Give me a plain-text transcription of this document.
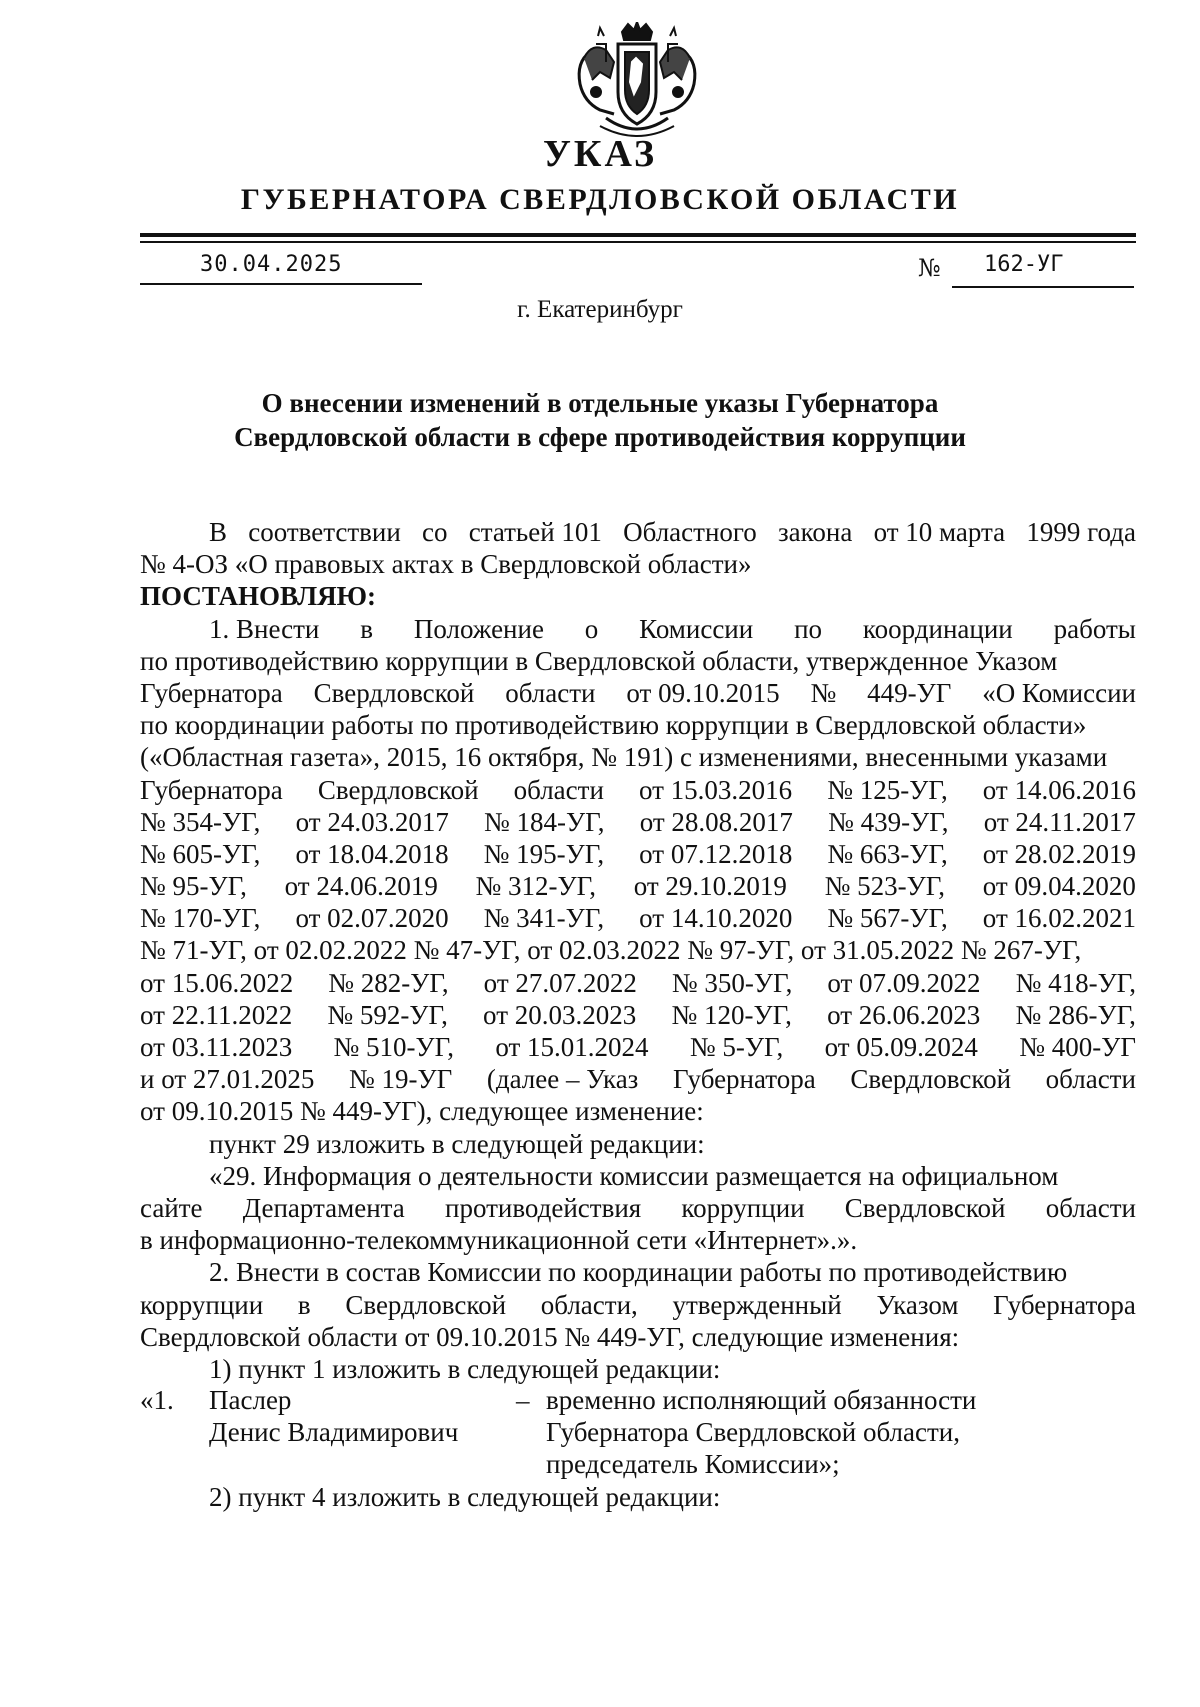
УКАЗ
ГУБЕРНАТОРА СВЕРДЛОВСКОЙ ОБЛАСТИ
30.04.2025	№ 162-УГ
г. Екатеринбург
О внесении изменений в отдельные указы Губернатора
Свердловской области в сфере противодействия коррупции
В соответствии со статьей 101 Областного закона от 10 марта 1999 года
№ 4-ОЗ «О правовых актах в Свердловской области»
ПОСТАНОВЛЯЮ:
1. Внести в Положение о Комиссии по координации работы
по противодействию коррупции в Свердловской области, утвержденное Указом
Губернатора Свердловской области от 09.10.2015 № 449-УГ «О Комиссии
по координации работы по противодействию коррупции в Свердловской области»
(«Областная газета», 2015, 16 октября, № 191) с изменениями, внесенными указами
Губернатора Свердловской области от 15.03.2016 № 125-УГ, от 14.06.2016
№ 354-УГ, от 24.03.2017 № 184-УГ, от 28.08.2017 № 439-УГ, от 24.11.2017
№ 605-УГ, от 18.04.2018 № 195-УГ, от 07.12.2018 № 663-УГ, от 28.02.2019
№ 95-УГ, от 24.06.2019 № 312-УГ, от 29.10.2019 № 523-УГ, от 09.04.2020
№ 170-УГ, от 02.07.2020 № 341-УГ, от 14.10.2020 № 567-УГ, от 16.02.2021
№ 71-УГ, от 02.02.2022 № 47-УГ, от 02.03.2022 № 97-УГ, от 31.05.2022 № 267-УГ,
от 15.06.2022 № 282-УГ, от 27.07.2022 № 350-УГ, от 07.09.2022 № 418-УГ,
от 22.11.2022 № 592-УГ, от 20.03.2023 № 120-УГ, от 26.06.2023 № 286-УГ,
от 03.11.2023 № 510-УГ, от 15.01.2024 № 5-УГ, от 05.09.2024 № 400-УГ
и от 27.01.2025 № 19-УГ (далее – Указ Губернатора Свердловской области
от 09.10.2015 № 449-УГ), следующее изменение:
пункт 29 изложить в следующей редакции:
«29. Информация о деятельности комиссии размещается на официальном
сайте Департамента противодействия коррупции Свердловской области
в информационно-телекоммуникационной сети «Интернет».».
2. Внести в состав Комиссии по координации работы по противодействию
коррупции в Свердловской области, утвержденный Указом Губернатора
Свердловской области от 09.10.2015 № 449-УГ, следующие изменения:
1) пункт 1 изложить в следующей редакции:
«1. Паслер
Денис Владимирович
– временно исполняющий обязанности
Губернатора Свердловской области,
председатель Комиссии»;
2) пункт 4 изложить в следующей редакции:
